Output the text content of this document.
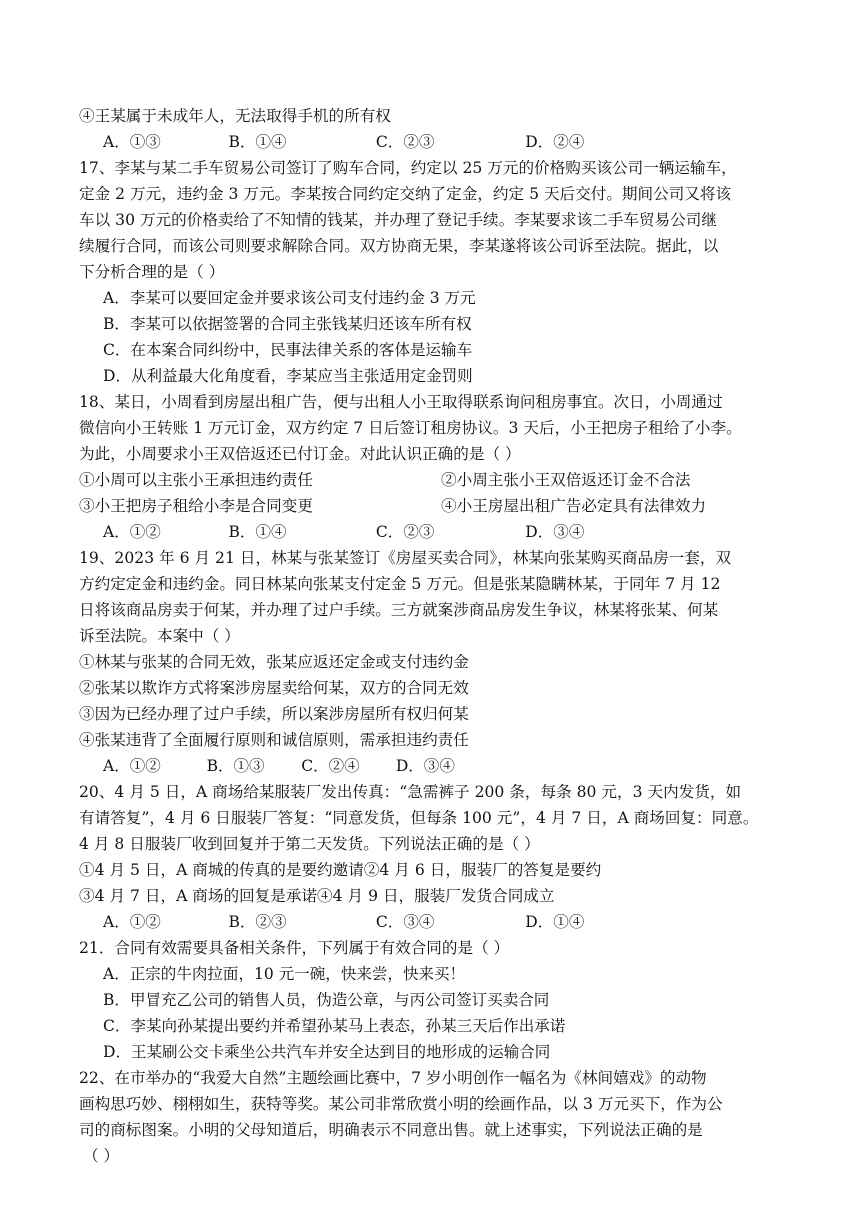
④王某属于未成年人，无法取得手机的所有权
A．①③	B．①④	C．②③	D．②④
17、李某与某二手车贸易公司签订了购车合同，约定以 25 万元的价格购买该公司一辆运输车，
定金 2 万元，违约金 3 万元。李某按合同约定交纳了定金，约定 5 天后交付。期间公司又将该
车以 30 万元的价格卖给了不知情的钱某，并办理了登记手续。李某要求该二手车贸易公司继
续履行合同，而该公司则要求解除合同。双方协商无果，李某遂将该公司诉至法院。据此，以
下分析合理的是（ ）
A．李某可以要回定金并要求该公司支付违约金 3 万元
B．李某可以依据签署的合同主张钱某归还该车所有权
C．在本案合同纠纷中，民事法律关系的客体是运输车
D．从利益最大化角度看，李某应当主张适用定金罚则
18、某日，小周看到房屋出租广告，便与出租人小王取得联系询问租房事宜。次日，小周通过
微信向小王转账 1 万元订金，双方约定 7 日后签订租房协议。3 天后，小王把房子租给了小李。
为此，小周要求小王双倍返还已付订金。对此认识正确的是（ ）
①小周可以主张小王承担违约责任	②小周主张小王双倍返还订金不合法
③小王把房子租给小李是合同变更	④小王房屋出租广告必定具有法律效力
A．①②	B．①④	C．②③	D．③④
19、2023 年 6 月 21 日，林某与张某签订《房屋买卖合同》，林某向张某购买商品房一套，双
方约定定金和违约金。同日林某向张某支付定金 5 万元。但是张某隐瞒林某，于同年 7 月 12
日将该商品房卖于何某，并办理了过户手续。三方就案涉商品房发生争议，林某将张某、何某
诉至法院。本案中（ ）
①林某与张某的合同无效，张某应返还定金或支付违约金
②张某以欺诈方式将案涉房屋卖给何某，双方的合同无效
③因为已经办理了过户手续，所以案涉房屋所有权归何某
④张某违背了全面履行原则和诚信原则，需承担违约责任
A．①②	B．①③	C．②④	D．③④
20、4 月 5 日，A 商场给某服装厂发出传真：“急需裤子 200 条，每条 80 元，3 天内发货，如
有请答复”，4 月 6 日服装厂答复：“同意发货，但每条 100 元”，4 月 7 日，A 商场回复：同意。
4 月 8 日服装厂收到回复并于第二天发货。下列说法正确的是（ ）
①4 月 5 日，A 商城的传真的是要约邀请②4 月 6 日，服装厂的答复是要约
③4 月 7 日，A 商场的回复是承诺④4 月 9 日，服装厂发货合同成立
A．①②	B．②③	C．③④	D．①④
21．合同有效需要具备相关条件，下列属于有效合同的是（ ）
A．正宗的牛肉拉面，10 元一碗，快来尝，快来买！
B．甲冒充乙公司的销售人员，伪造公章，与丙公司签订买卖合同
C．李某向孙某提出要约并希望孙某马上表态，孙某三天后作出承诺
D．王某刷公交卡乘坐公共汽车并安全达到目的地形成的运输合同
22、在市举办的“我爱大自然”主题绘画比赛中，7 岁小明创作一幅名为《林间嬉戏》的动物
画构思巧妙、栩栩如生，获特等奖。某公司非常欣赏小明的绘画作品，以 3 万元买下，作为公
司的商标图案。小明的父母知道后，明确表示不同意出售。就上述事实，下列说法正确的是
（ ）
